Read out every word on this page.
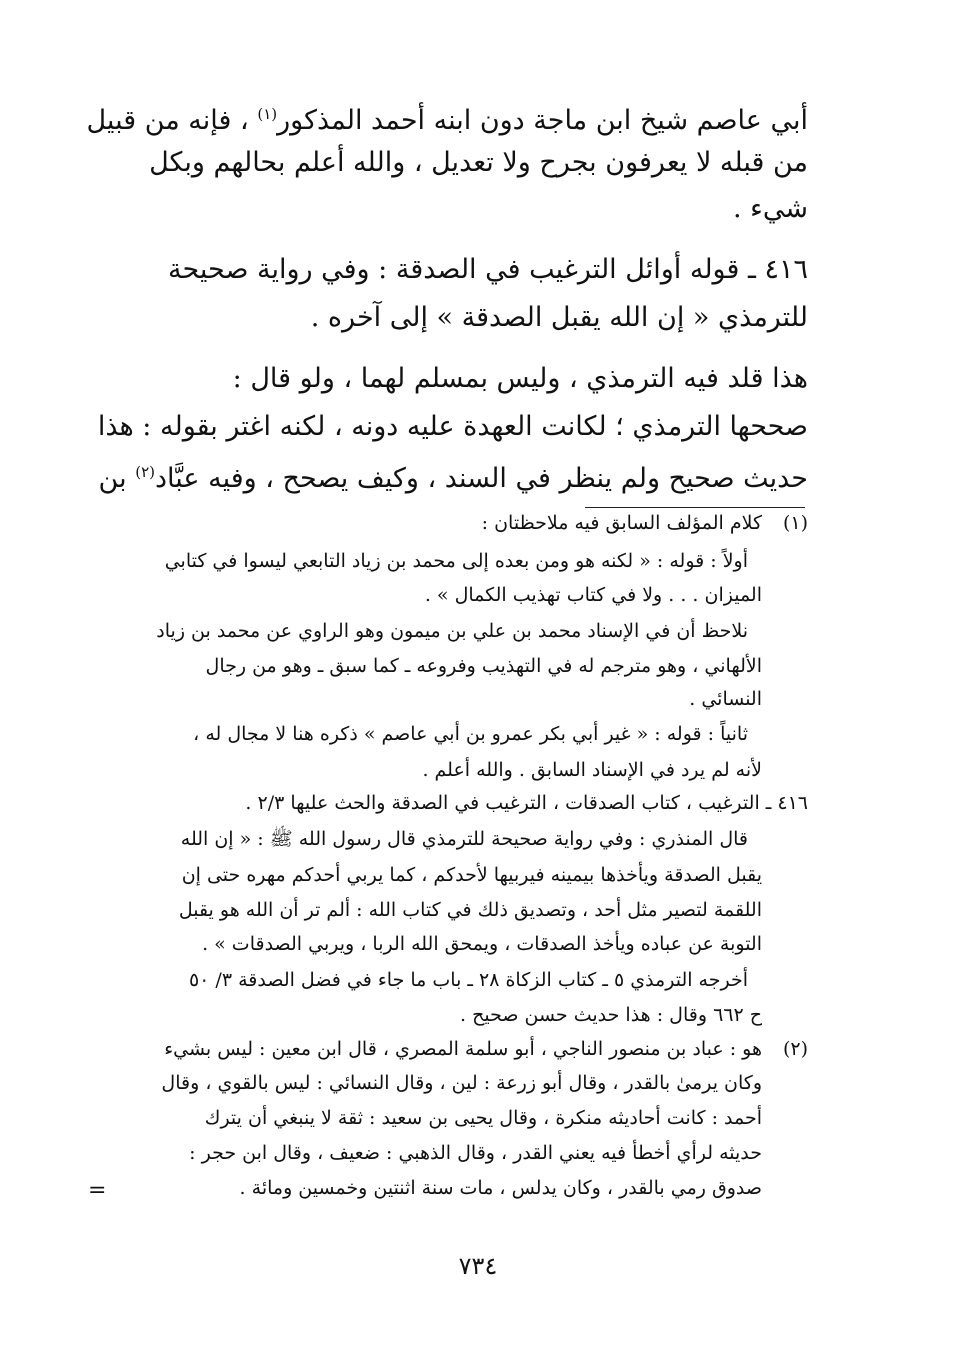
أبي عاصم شيخ ابن ماجة دون ابنه أحمد المذكور$^{(١)}$ ، فإنه من قبيل
من قبله لا يعرفون بجرح ولا تعديل ، والله أعلم بحالهم وبكل
شيء .
٤١٦ ـ قوله أوائل الترغيب في الصدقة : وفي رواية صحيحة
للترمذي « إن الله يقبل الصدقة » إلى آخره .
هذا قلد فيه الترمذي ، وليس بمسلم لهما ، ولو قال :
صححها الترمذي ؛ لكانت العهدة عليه دونه ، لكنه اغتر بقوله : هذا
حديث صحيح ولم ينظر في السند ، وكيف يصحح ، وفيه عبَّاد$^{(٢)}$ بن
(١)
كلام المؤلف السابق فيه ملاحظتان :
أولاً : قوله : « لكنه هو ومن بعده إلى محمد بن زياد التابعي ليسوا في كتابي
الميزان . . . ولا في كتاب تهذيب الكمال » .
نلاحظ أن في الإسناد محمد بن علي بن ميمون وهو الراوي عن محمد بن زياد
الألهاني ، وهو مترجم له في التهذيب وفروعه ـ كما سبق ـ وهو من رجال
النسائي .
ثانياً : قوله : « غير أبي بكر عمرو بن أبي عاصم » ذكره هنا لا مجال له ،
لأنه لم يرد في الإسناد السابق . والله أعلم .
٤١٦ ـ الترغيب ، كتاب الصدقات ، الترغيب في الصدقة والحث عليها ٢/٣ .
قال المنذري : وفي رواية صحيحة للترمذي قال رسول الله ﷺ : « إن الله
يقبل الصدقة ويأخذها بيمينه فيربيها لأحدكم ، كما يربي أحدكم مهره حتى إن
اللقمة لتصير مثل أحد ، وتصديق ذلك في كتاب الله : ألم تر أن الله هو يقبل
التوبة عن عباده ويأخذ الصدقات ، ويمحق الله الربا ، ويربي الصدقات » .
أخرجه الترمذي ٥ ـ كتاب الزكاة ٢٨ ـ باب ما جاء في فضل الصدقة ٣/ ٥٠
ح ٦٦٢ وقال : هذا حديث حسن صحيح .
(٢)
هو : عباد بن منصور الناجي ، أبو سلمة المصري ، قال ابن معين : ليس بشيء
وكان يرمىٰ بالقدر ، وقال أبو زرعة : لين ، وقال النسائي : ليس بالقوي ، وقال
أحمد : كانت أحاديثه منكرة ، وقال يحيى بن سعيد : ثقة لا ينبغي أن يترك
حديثه لرأي أخطأ فيه يعني القدر ، وقال الذهبي : ضعيف ، وقال ابن حجر :
صدوق رمي بالقدر ، وكان يدلس ، مات سنة اثنتين وخمسين ومائة .
=
٧٣٤
